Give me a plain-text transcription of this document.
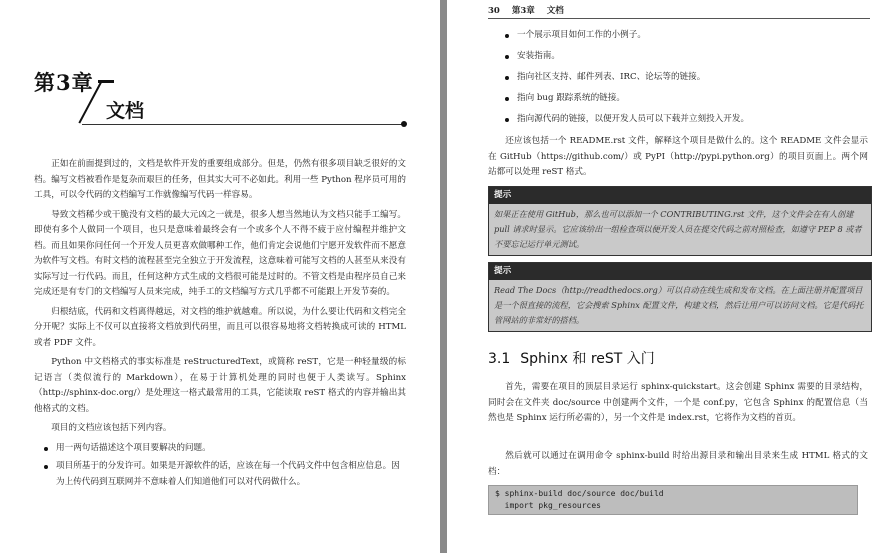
第3章
文档

正如在前面提到过的，文档是软件开发的重要组成部分。但是，仍然有很多项目缺乏很好的文档。编写文档被看作是复杂而艰巨的任务，但其实大可不必如此。利用一些 Python 程序员可用的工具，可以令代码的文档编写工作就像编写代码一样容易。

导致文档稀少或干脆没有文档的最大元凶之一就是，很多人想当然地认为文档只能手工编写。即使有多个人做同一个项目，也只是意味着最终会有一个或多个人不得不疲于应付编程并维护文档。而且如果你问任何一个开发人员更喜欢做哪种工作，他们肯定会说他们宁愿开发软件而不愿意为软件写文档。有时文档的流程甚至完全独立于开发流程，这意味着可能写文档的人甚至从来没有实际写过一行代码。而且，任何这种方式生成的文档很可能是过时的。不管文档是由程序员自己来完成还是有专门的文档编写人员来完成，纯手工的文档编写方式几乎都不可能跟上开发节奏的。

归根结底，代码和文档离得越远，对文档的维护就越难。所以说，为什么要让代码和文档完全分开呢？实际上不仅可以直接将文档放到代码里，而且可以很容易地将文档转换成可读的 HTML 或者 PDF 文件。

Python 中文档格式的事实标准是 reStructuredText，或简称 reST，它是一种轻量级的标记语言（类似流行的 Markdown），在易于计算机处理的同时也便于人类读写。Sphinx（http://sphinx-doc.org/）是处理这一格式最常用的工具，它能读取 reST 格式的内容并输出其他格式的文档。

项目的文档应该包括下列内容。

用一两句话描述这个项目要解决的问题。
项目所基于的分发许可。如果是开源软件的话，应该在每一个代码文件中包含相应信息。因为上传代码到互联网并不意味着人们知道他们可以对代码做什么。
30 第3章 文档
一个展示项目如何工作的小例子。
安装指南。
指向社区支持、邮件列表、IRC、论坛等的链接。
指向 bug 跟踪系统的链接。
指向源代码的链接，以便开发人员可以下载并立刻投入开发。

还应该包括一个 README.rst 文件，解释这个项目是做什么的。这个 README 文件会显示在 GitHub（https://github.com/）或 PyPI（http://pypi.python.org）的项目页面上。两个网站都可以处理 reST 格式。

提示
如果正在使用 GitHub，那么也可以添加一个 CONTRIBUTING.rst 文件，这个文件会在有人创建 pull 请求时显示。它应该给出一组检查项以便开发人员在提交代码之前对照检查，如遵守 PEP 8 或者不要忘记运行单元测试。
提示
Read The Docs（http://readthedocs.org）可以自动在线生成和发布文档。在上面注册并配置项目是一个很直接的流程，它会搜索 Sphinx 配置文件，构建文档，然后让用户可以访问文档。它是代码托管网站的非常好的搭档。
3.1 Sphinx 和 reST 入门

首先，需要在项目的顶层目录运行 sphinx-quickstart。这会创建 Sphinx 需要的目录结构，同时会在文件夹 doc/source 中创建两个文件，一个是 conf.py，它包含 Sphinx 的配置信息（当然也是 Sphinx 运行所必需的），另一个文件是 index.rst，它将作为文档的首页。

然后就可以通过在调用命令 sphinx-build 时给出源目录和输出目录来生成 HTML 格式的文档：

$ sphinx-build doc/source doc/build
import pkg_resources
